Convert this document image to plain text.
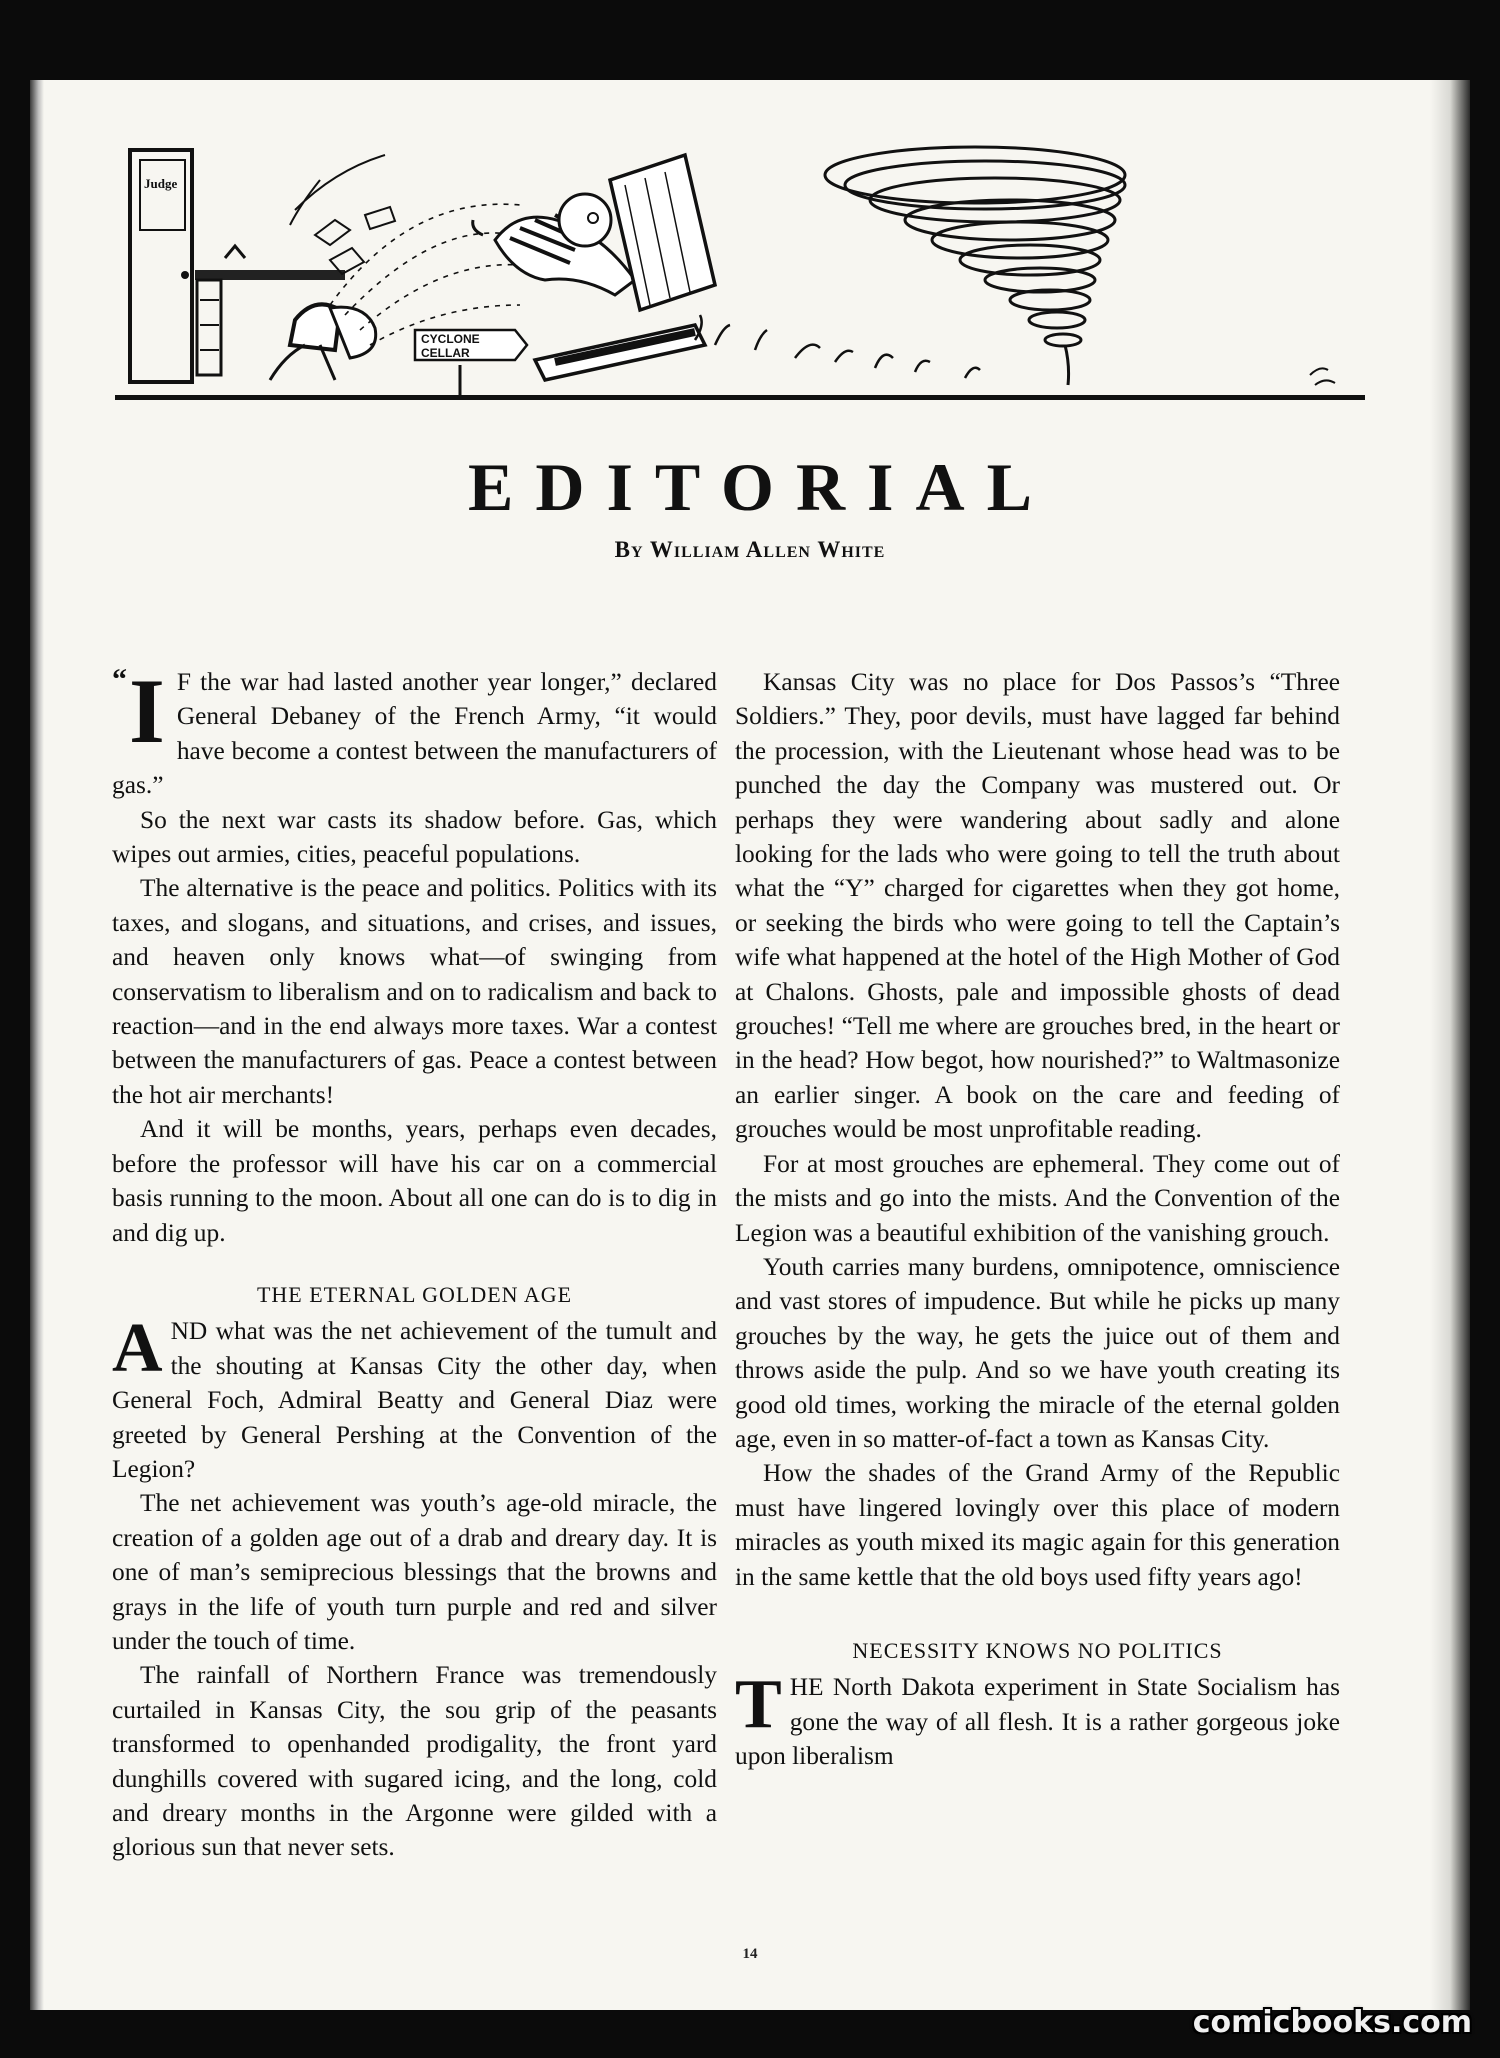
Judge
CYCLONE
CELLAR
EDITORIAL
By William Allen White

“ I F the war had lasted another year longer,” declared General Debaney of the French Army, “it would have become a contest between the manufacturers of gas.”

So the next war casts its shadow before. Gas, which wipes out armies, cities, peaceful populations.

The alternative is the peace and politics. Politics with its taxes, and slogans, and situations, and crises, and issues, and heaven only knows what—of swinging from conservatism to liberalism and on to radicalism and back to reaction—and in the end always more taxes. War a contest between the manufacturers of gas. Peace a contest between the hot air merchants!

And it will be months, years, perhaps even decades, before the professor will have his car on a commercial basis running to the moon. About all one can do is to dig in and dig up.

THE ETERNAL GOLDEN AGE

AND what was the net achievement of the tumult and the shouting at Kansas City the other day, when General Foch, Admiral Beatty and General Diaz were greeted by General Pershing at the Convention of the Legion?

The net achievement was youth’s age-old miracle, the creation of a golden age out of a drab and dreary day. It is one of man’s semiprecious blessings that the browns and grays in the life of youth turn purple and red and silver under the touch of time.

The rainfall of Northern France was tremendously curtailed in Kansas City, the sou grip of the peasants transformed to openhanded prodigality, the front yard dunghills covered with sugared icing, and the long, cold and dreary months in the Argonne were gilded with a glorious sun that never sets.

Kansas City was no place for Dos Passos’s “Three Soldiers.” They, poor devils, must have lagged far behind the procession, with the Lieutenant whose head was to be punched the day the Company was mustered out. Or perhaps they were wandering about sadly and alone looking for the lads who were going to tell the truth about what the “Y” charged for cigarettes when they got home, or seeking the birds who were going to tell the Captain’s wife what happened at the hotel of the High Mother of God at Chalons. Ghosts, pale and impossible ghosts of dead grouches! “Tell me where are grouches bred, in the heart or in the head? How begot, how nourished?” to Waltmasonize an earlier singer. A book on the care and feeding of grouches would be most unprofitable reading.

For at most grouches are ephemeral. They come out of the mists and go into the mists. And the Convention of the Legion was a beautiful exhibition of the vanishing grouch.

Youth carries many burdens, omnipotence, omniscience and vast stores of impudence. But while he picks up many grouches by the way, he gets the juice out of them and throws aside the pulp. And so we have youth creating its good old times, working the miracle of the eternal golden age, even in so matter-of-fact a town as Kansas City.

How the shades of the Grand Army of the Republic must have lingered lovingly over this place of modern miracles as youth mixed its magic again for this generation in the same kettle that the old boys used fifty years ago!

NECESSITY KNOWS NO POLITICS

THE North Dakota experiment in State Socialism has gone the way of all flesh. It is a rather gorgeous joke upon liberalism

14
comicbooks.com
